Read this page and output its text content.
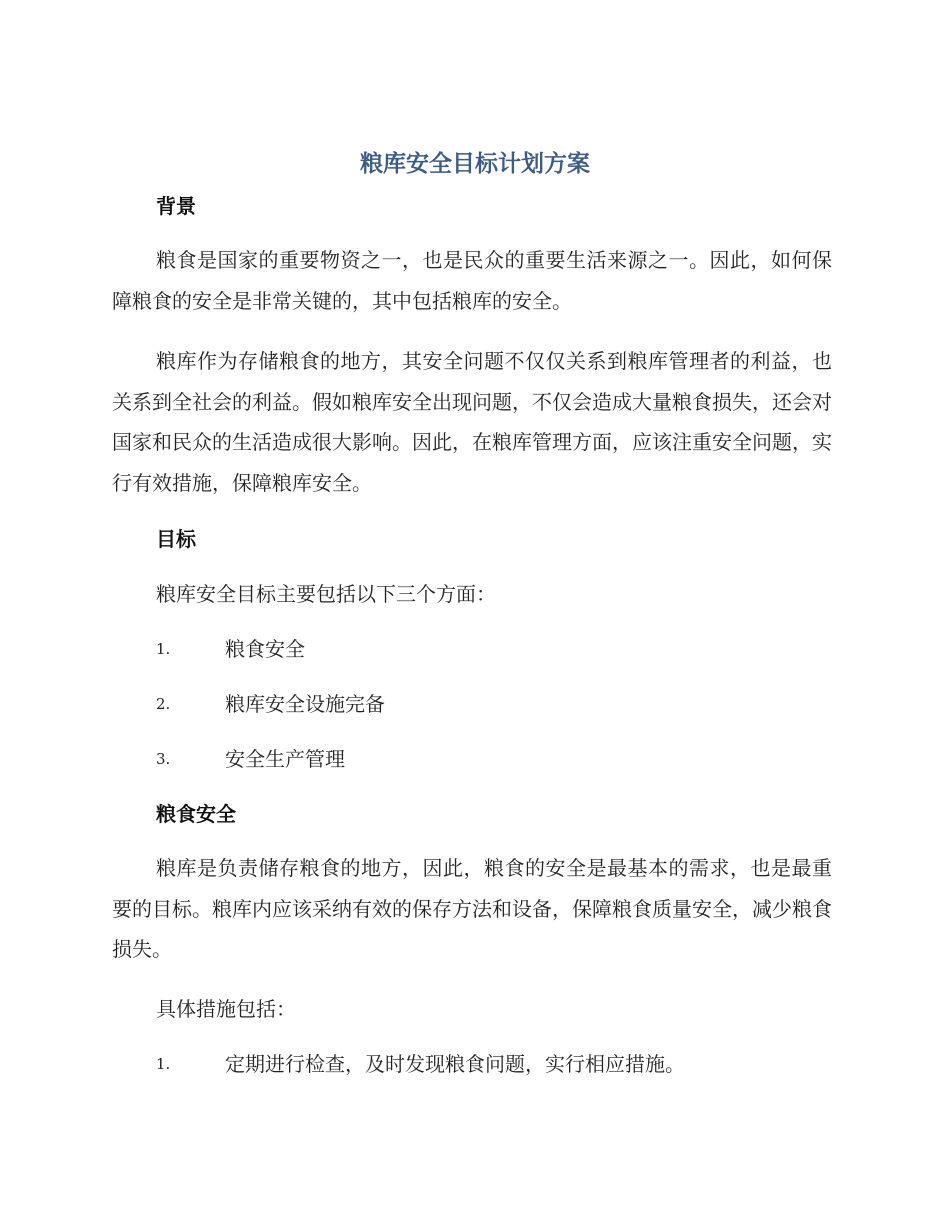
粮库安全目标计划方案
背景

粮食是国家的重要物资之一，也是民众的重要生活来源之一。因此，如何保障粮食的安全是非常关键的，其中包括粮库的安全。

粮库作为存储粮食的地方，其安全问题不仅仅关系到粮库管理者的利益，也关系到全社会的利益。假如粮库安全出现问题，不仅会造成大量粮食损失，还会对国家和民众的生活造成很大影响。因此，在粮库管理方面，应该注重安全问题，实行有效措施，保障粮库安全。

目标

粮库安全目标主要包括以下三个方面：

1.	粮食安全
2.	粮库安全设施完备
3.	安全生产管理
粮食安全

粮库是负责储存粮食的地方，因此，粮食的安全是最基本的需求，也是最重要的目标。粮库内应该采纳有效的保存方法和设备，保障粮食质量安全，减少粮食损失。

具体措施包括：

1.	定期进行检查，及时发现粮食问题，实行相应措施。
